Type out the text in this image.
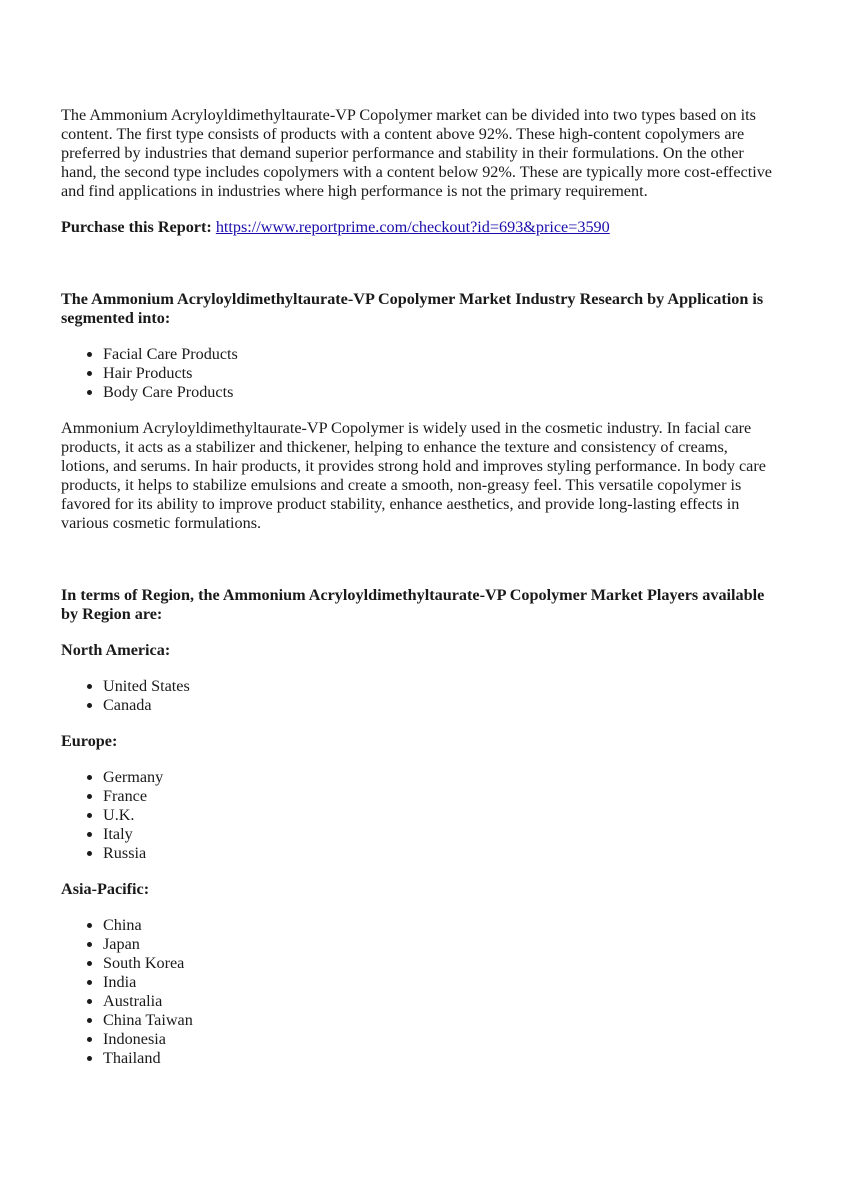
The Ammonium Acryloyldimethyltaurate-VP Copolymer market can be divided into two types based on its content. The first type consists of products with a content above 92%. These high-content copolymers are preferred by industries that demand superior performance and stability in their formulations. On the other hand, the second type includes copolymers with a content below 92%. These are typically more cost-effective and find applications in industries where high performance is not the primary requirement.

Purchase this Report: https://www.reportprime.com/checkout?id=693&price=3590

The Ammonium Acryloyldimethyltaurate-VP Copolymer Market Industry Research by Application is segmented into:
• Facial Care Products
• Hair Products
• Body Care Products

Ammonium Acryloyldimethyltaurate-VP Copolymer is widely used in the cosmetic industry. In facial care products, it acts as a stabilizer and thickener, helping to enhance the texture and consistency of creams, lotions, and serums. In hair products, it provides strong hold and improves styling performance. In body care products, it helps to stabilize emulsions and create a smooth, non-greasy feel. This versatile copolymer is favored for its ability to improve product stability, enhance aesthetics, and provide long-lasting effects in various cosmetic formulations.

In terms of Region, the Ammonium Acryloyldimethyltaurate-VP Copolymer Market Players available by Region are:

North America:

• United States
• Canada

Europe:

• Germany
• France
• U.K.
• Italy
• Russia

Asia-Pacific:

• China
• Japan
• South Korea
• India
• Australia
• China Taiwan
• Indonesia
• Thailand
